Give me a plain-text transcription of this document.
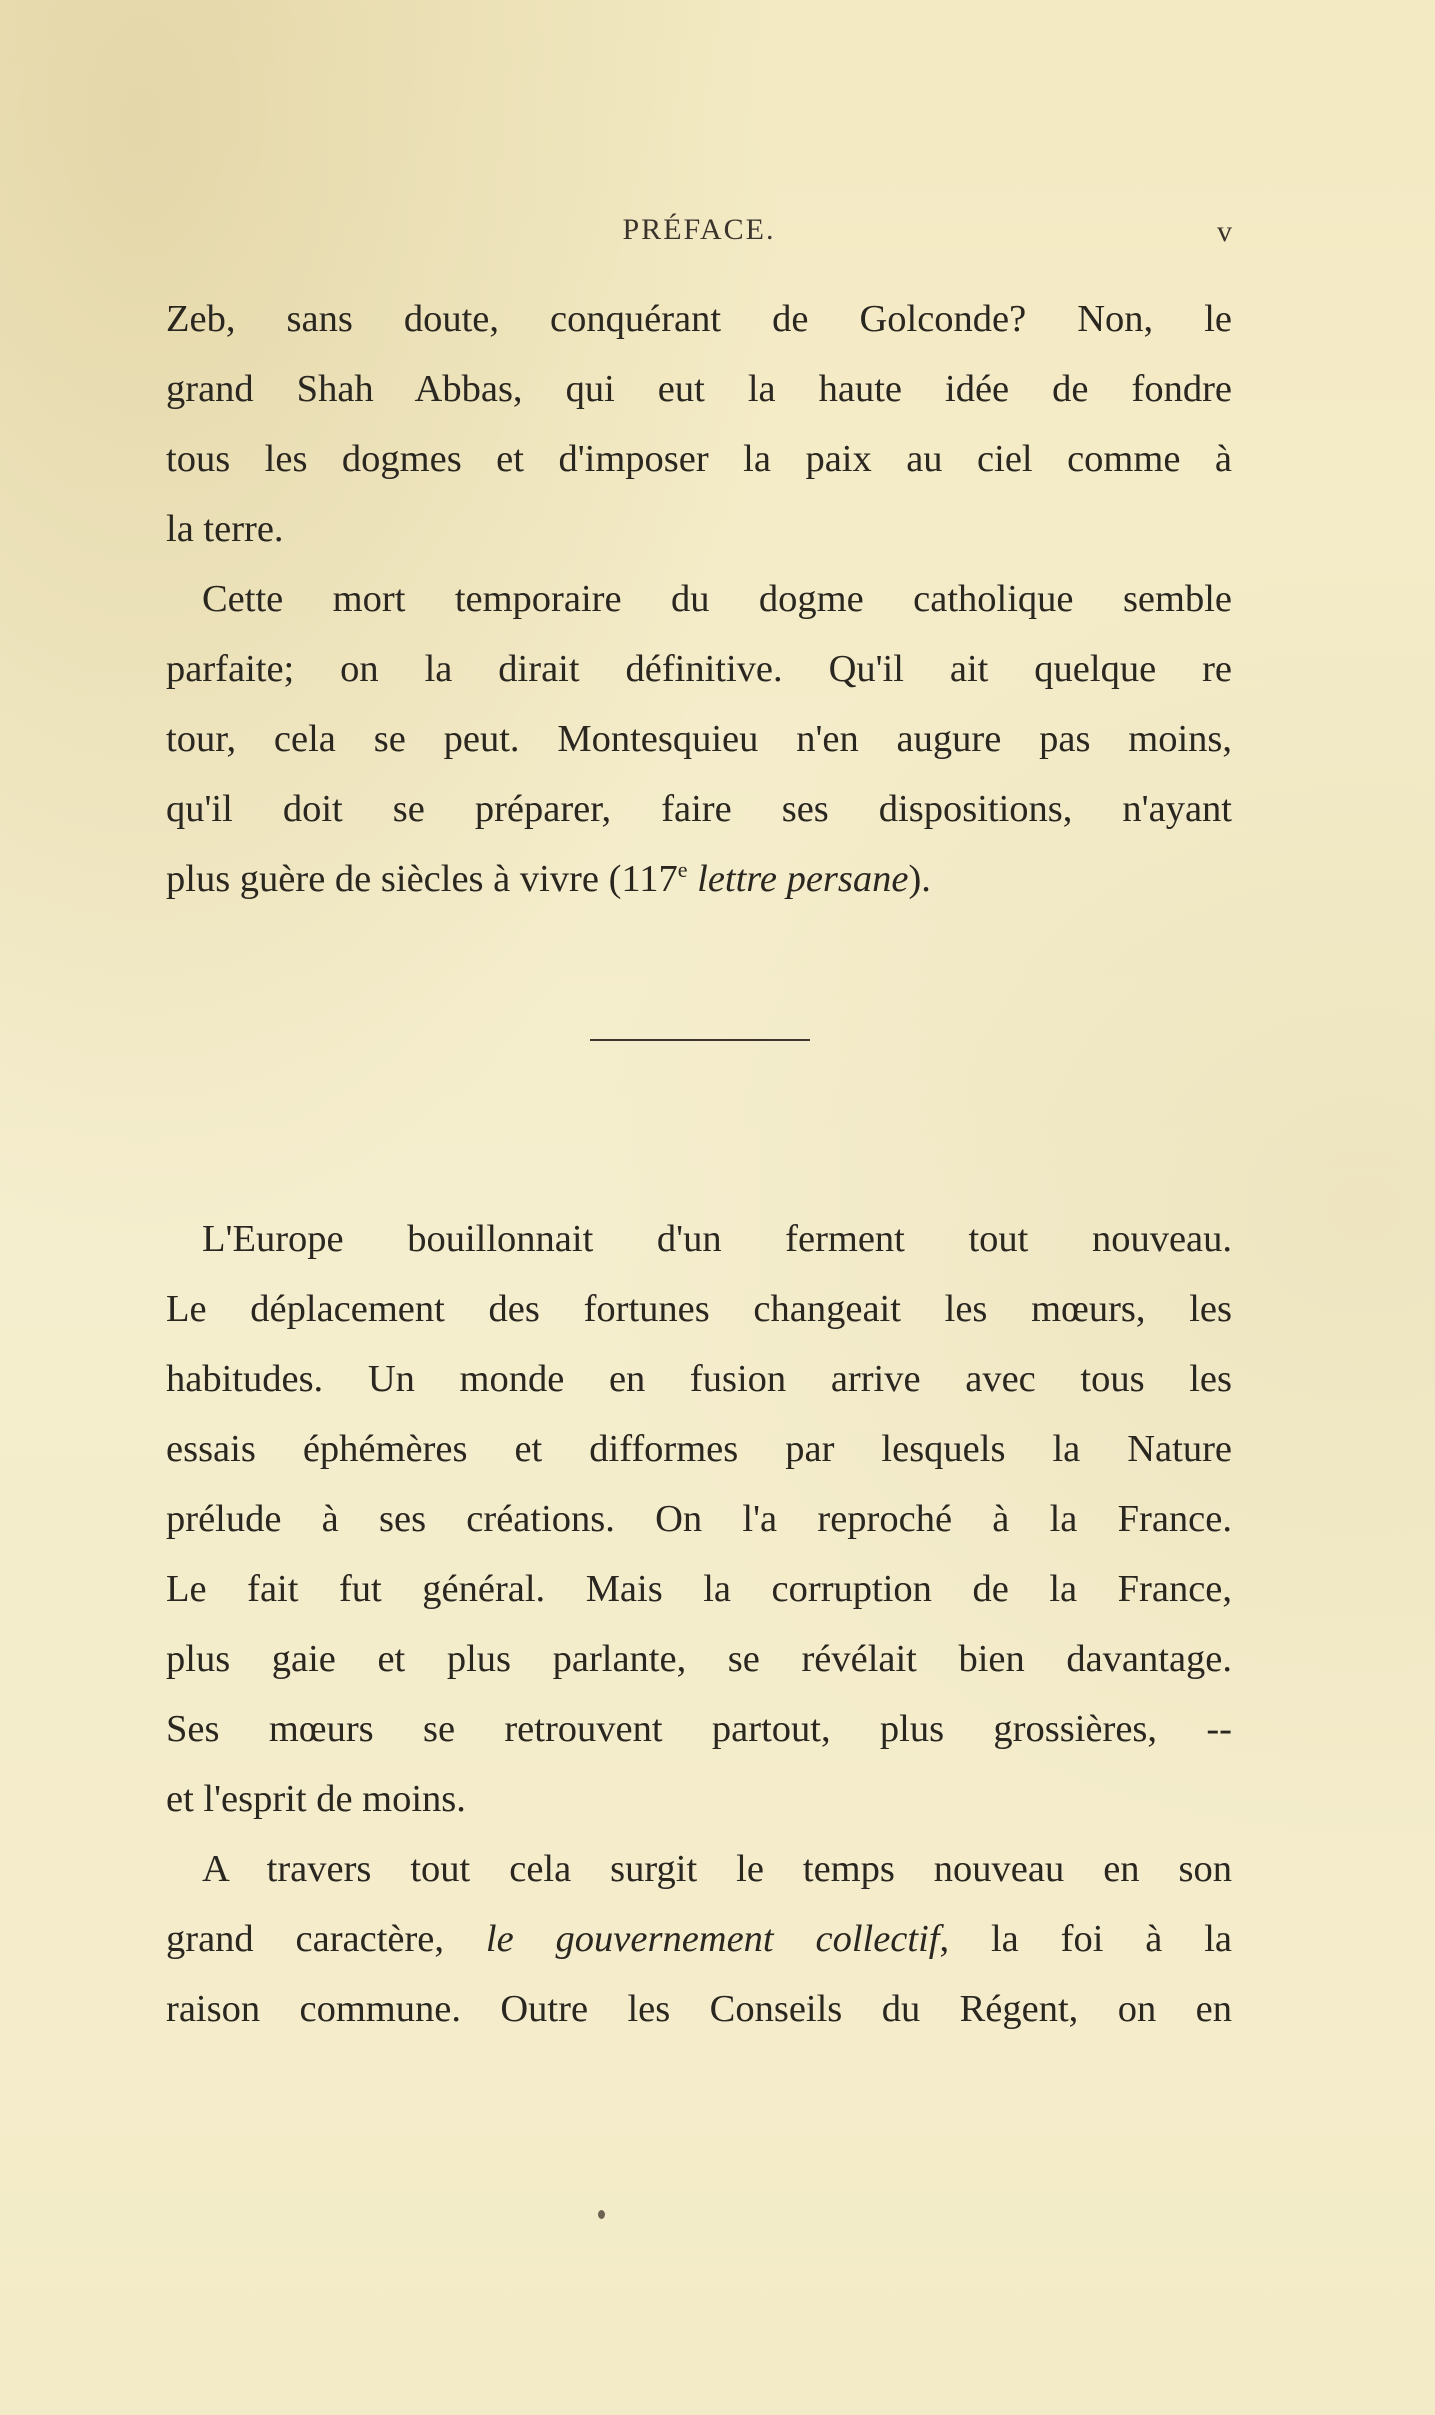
PRÉFACE.	v
Zeb, sans doute, conquérant de Golconde? Non, le
grand Shah Abbas, qui eut la haute idée de fondre
tous les dogmes et d'imposer la paix au ciel comme à
la terre.
Cette mort temporaire du dogme catholique semble
parfaite; on la dirait définitive. Qu'il ait quelque re
tour, cela se peut. Montesquieu n'en augure pas moins,
qu'il doit se préparer, faire ses dispositions, n'ayant
plus guère de siècles à vivre (117e lettre persane).
L'Europe bouillonnait d'un ferment tout nouveau.
Le déplacement des fortunes changeait les mœurs, les
habitudes. Un monde en fusion arrive avec tous les
essais éphémères et difformes par lesquels la Nature
prélude à ses créations. On l'a reproché à la France.
Le fait fut général. Mais la corruption de la France,
plus gaie et plus parlante, se révélait bien davantage.
Ses mœurs se retrouvent partout, plus grossières, --
et l'esprit de moins.
A travers tout cela surgit le temps nouveau en son
grand caractère, le gouvernement collectif, la foi à la
raison commune. Outre les Conseils du Régent, on en
